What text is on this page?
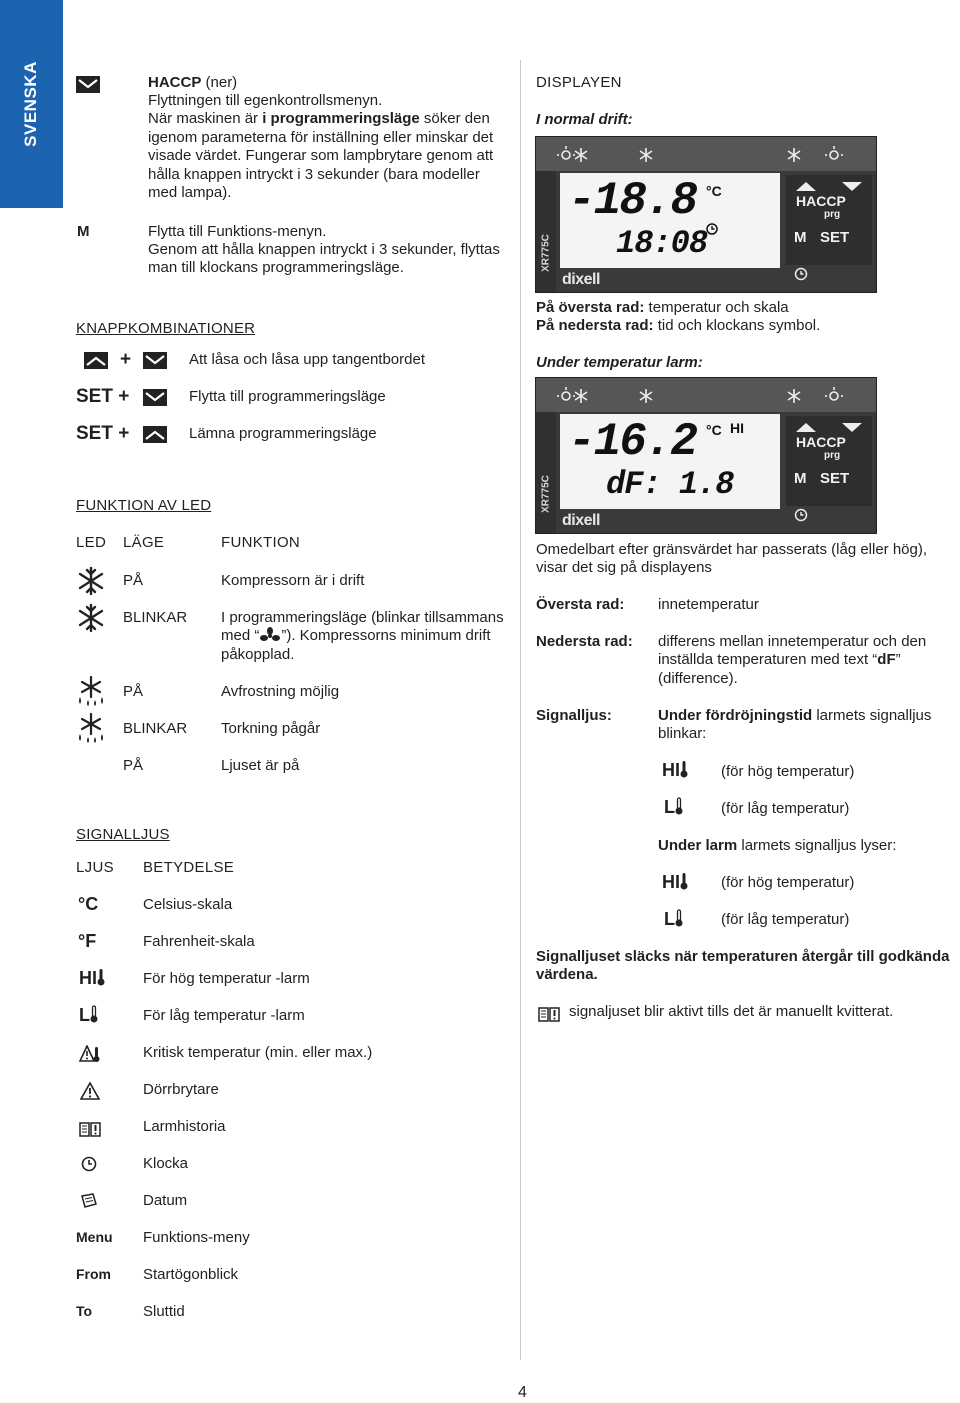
SVENSKA	HACCP (ner)
Flyttningen till egenkontrollsmenyn.
När maskinen är i programmeringsläge söker den
igenom parameterna för inställning eller minskar det
visade värdet. Fungerar som lampbrytare genom att
hålla knappen intryckt i 3 sekunder (bara modeller
med lampa).
M	Flytta till Funktions-menyn.
Genom att hålla knappen intryckt i 3 sekunder, flyttas
man till klockans programmeringsläge.
KNAPPKOMBINATIONER
+	Att låsa och låsa upp tangentbordet
SET +	Flytta till programmeringsläge
SET +	Lämna programmeringsläge
FUNKTION AV LED
LED LÄGE	FUNKTION
PÅ	Kompressorn är i drift
BLINKAR I programmeringsläge (blinkar tillsammans
med “ ”). Kompressorns minimum drift
påkopplad.
PÅ	Avfrostning möjlig
BLINKAR Torkning pågår
PÅ	Ljuset är på
SIGNALLJUS
LJUS BETYDELSE
°C	Celsius-skala
°F	Fahrenheit-skala
HI	För hög temperatur -larm
L	För låg temperatur -larm
Kritisk temperatur (min. eller max.)
Dörrbrytare
Larmhistoria
Klocka
Datum
Menu Funktions-meny
From Startögonblick
To	Sluttid
DISPLAYEN
I normal drift:
XR775C
-18.8 °C
18:08
HACCP
prg
M SET
dixell
På översta rad: temperatur och skala
På nedersta rad: tid och klockans symbol.
Under temperatur larm:
XR775C
-16.2 °C HI
dF: 1.8
HACCP
prg
M SET
dixell
Omedelbart efter gränsvärdet har passerats (låg eller hög),
visar det sig på displayens
Översta rad: innetemperatur
Nedersta rad: differens mellan innetemperatur och den
inställda temperaturen med text “dF”
(difference).
Signalljus:	Under fördröjningstid larmets signalljus
blinkar:
HI	(för hög temperatur)
L	(för låg temperatur)
Under larm larmets signalljus lyser:
HI	(för hög temperatur)
L	(för låg temperatur)
Signalljuset släcks när temperaturen återgår till godkända
värdena.
signaljuset blir aktivt tills det är manuellt kvitterat.
4
